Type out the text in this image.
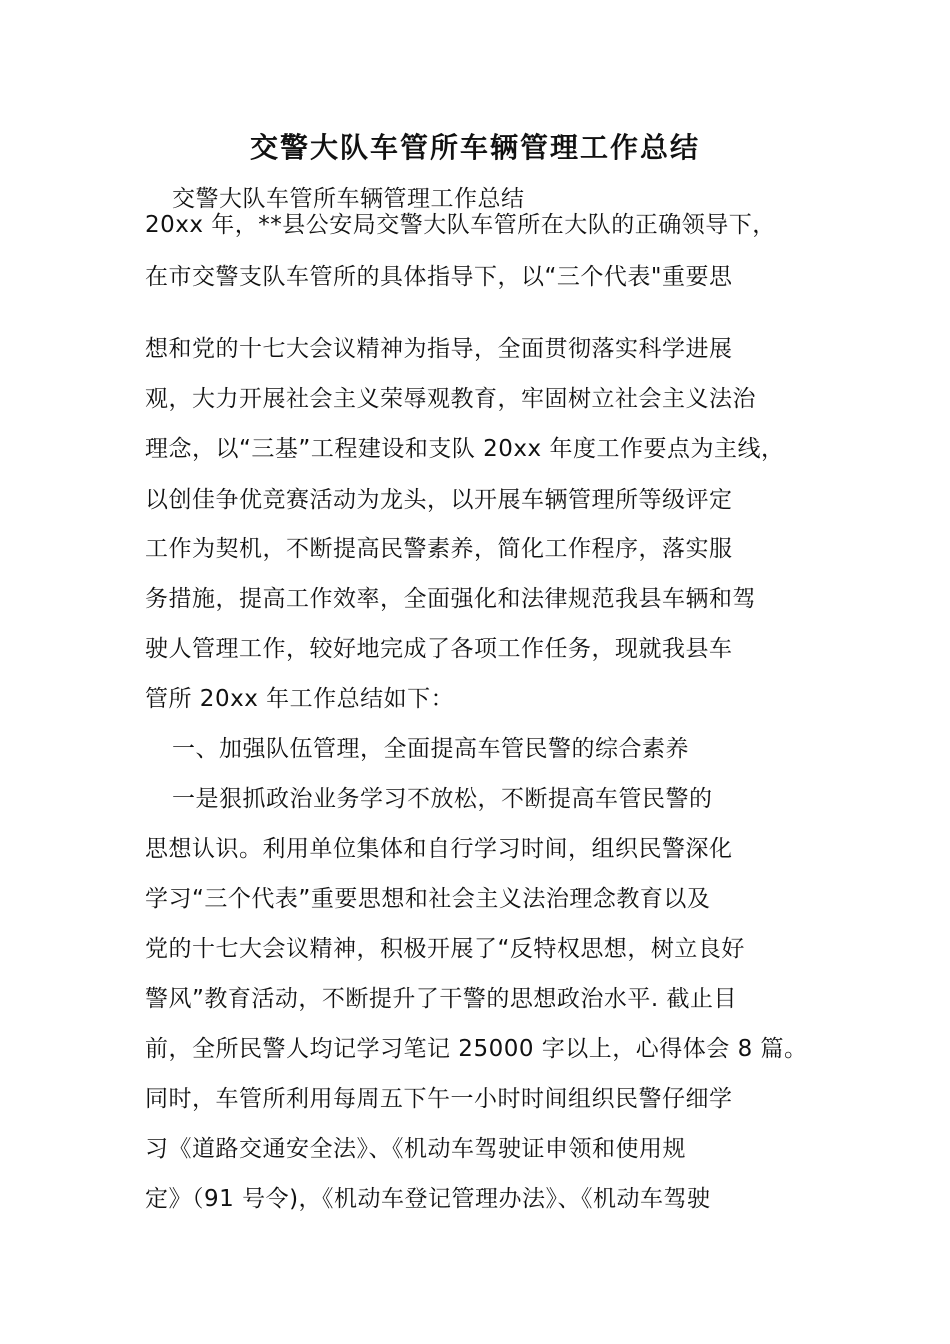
交警大队车管所车辆管理工作总结
交警大队车管所车辆管理工作总结
20xx 年，**县公安局交警大队车管所在大队的正确领导下，
在市交警支队车管所的具体指导下，以“三个代表"重要思
想和党的十七大会议精神为指导，全面贯彻落实科学进展
观，大力开展社会主义荣辱观教育，牢固树立社会主义法治
理念，以“三基”工程建设和支队 20xx 年度工作要点为主线，
以创佳争优竞赛活动为龙头，以开展车辆管理所等级评定
工作为契机，不断提高民警素养，简化工作程序，落实服
务措施，提高工作效率，全面强化和法律规范我县车辆和驾
驶人管理工作，较好地完成了各项工作任务，现就我县车
管所 20xx 年工作总结如下：
一、加强队伍管理，全面提高车管民警的综合素养
一是狠抓政治业务学习不放松，不断提高车管民警的
思想认识。利用单位集体和自行学习时间，组织民警深化
学习“三个代表”重要思想和社会主义法治理念教育以及
党的十七大会议精神，积极开展了“反特权思想，树立良好
警风”教育活动，不断提升了干警的思想政治水平. 截止目
前，全所民警人均记学习笔记 25000 字以上，心得体会 8 篇。
同时，车管所利用每周五下午一小时时间组织民警仔细学
习《道路交通安全法》、《机动车驾驶证申领和使用规
定》（91 号令)，《机动车登记管理办法》、《机动车驾驶
